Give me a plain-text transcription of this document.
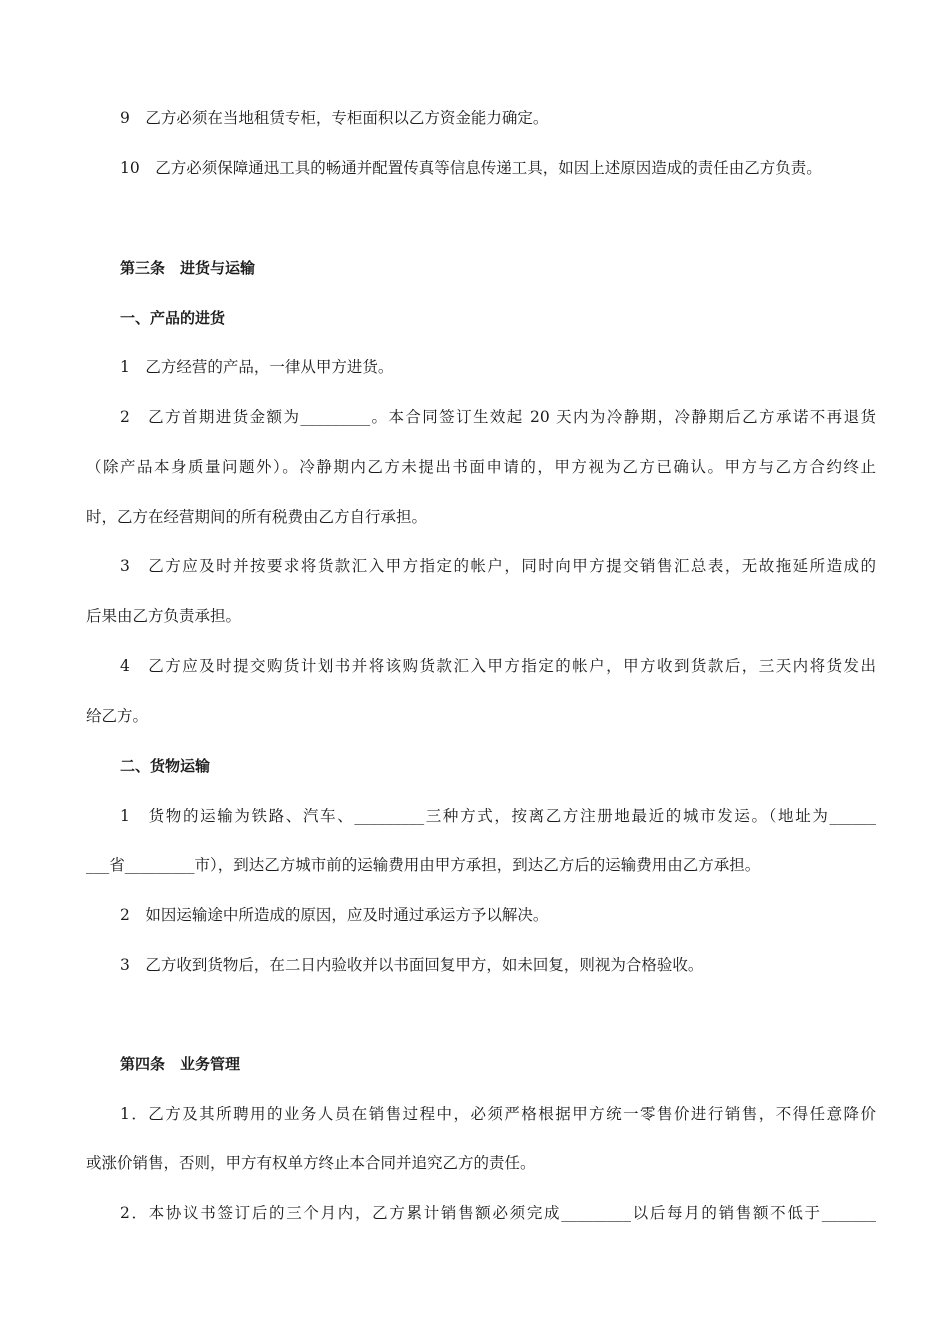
9　乙方必须在当地租赁专柜，专柜面积以乙方资金能力确定。
10　乙方必须保障通迅工具的畅通并配置传真等信息传递工具，如因上述原因造成的责任由乙方负责。
第三条　进货与运输
一、产品的进货
1　乙方经营的产品，一律从甲方进货。
2　乙方首期进货金额为_________。本合同签订生效起 20 天内为冷静期，冷静期后乙方承诺不再退货
（除产品本身质量问题外）。冷静期内乙方未提出书面申请的，甲方视为乙方已确认。甲方与乙方合约终止
时，乙方在经营期间的所有税费由乙方自行承担。
3　乙方应及时并按要求将货款汇入甲方指定的帐户，同时向甲方提交销售汇总表，无故拖延所造成的
后果由乙方负责承担。
4　乙方应及时提交购货计划书并将该购货款汇入甲方指定的帐户，甲方收到货款后，三天内将货发出
给乙方。
二、货物运输
1　货物的运输为铁路、汽车、_________三种方式，按离乙方注册地最近的城市发运。（地址为______
___省_________市），到达乙方城市前的运输费用由甲方承担，到达乙方后的运输费用由乙方承担。
2　如因运输途中所造成的原因，应及时通过承运方予以解决。
3　乙方收到货物后，在二日内验收并以书面回复甲方，如未回复，则视为合格验收。
第四条　业务管理
1．乙方及其所聘用的业务人员在销售过程中，必须严格根据甲方统一零售价进行销售，不得任意降价
或涨价销售，否则，甲方有权单方终止本合同并追究乙方的责任。
2．本协议书签订后的三个月内，乙方累计销售额必须完成_________以后每月的销售额不低于_______
